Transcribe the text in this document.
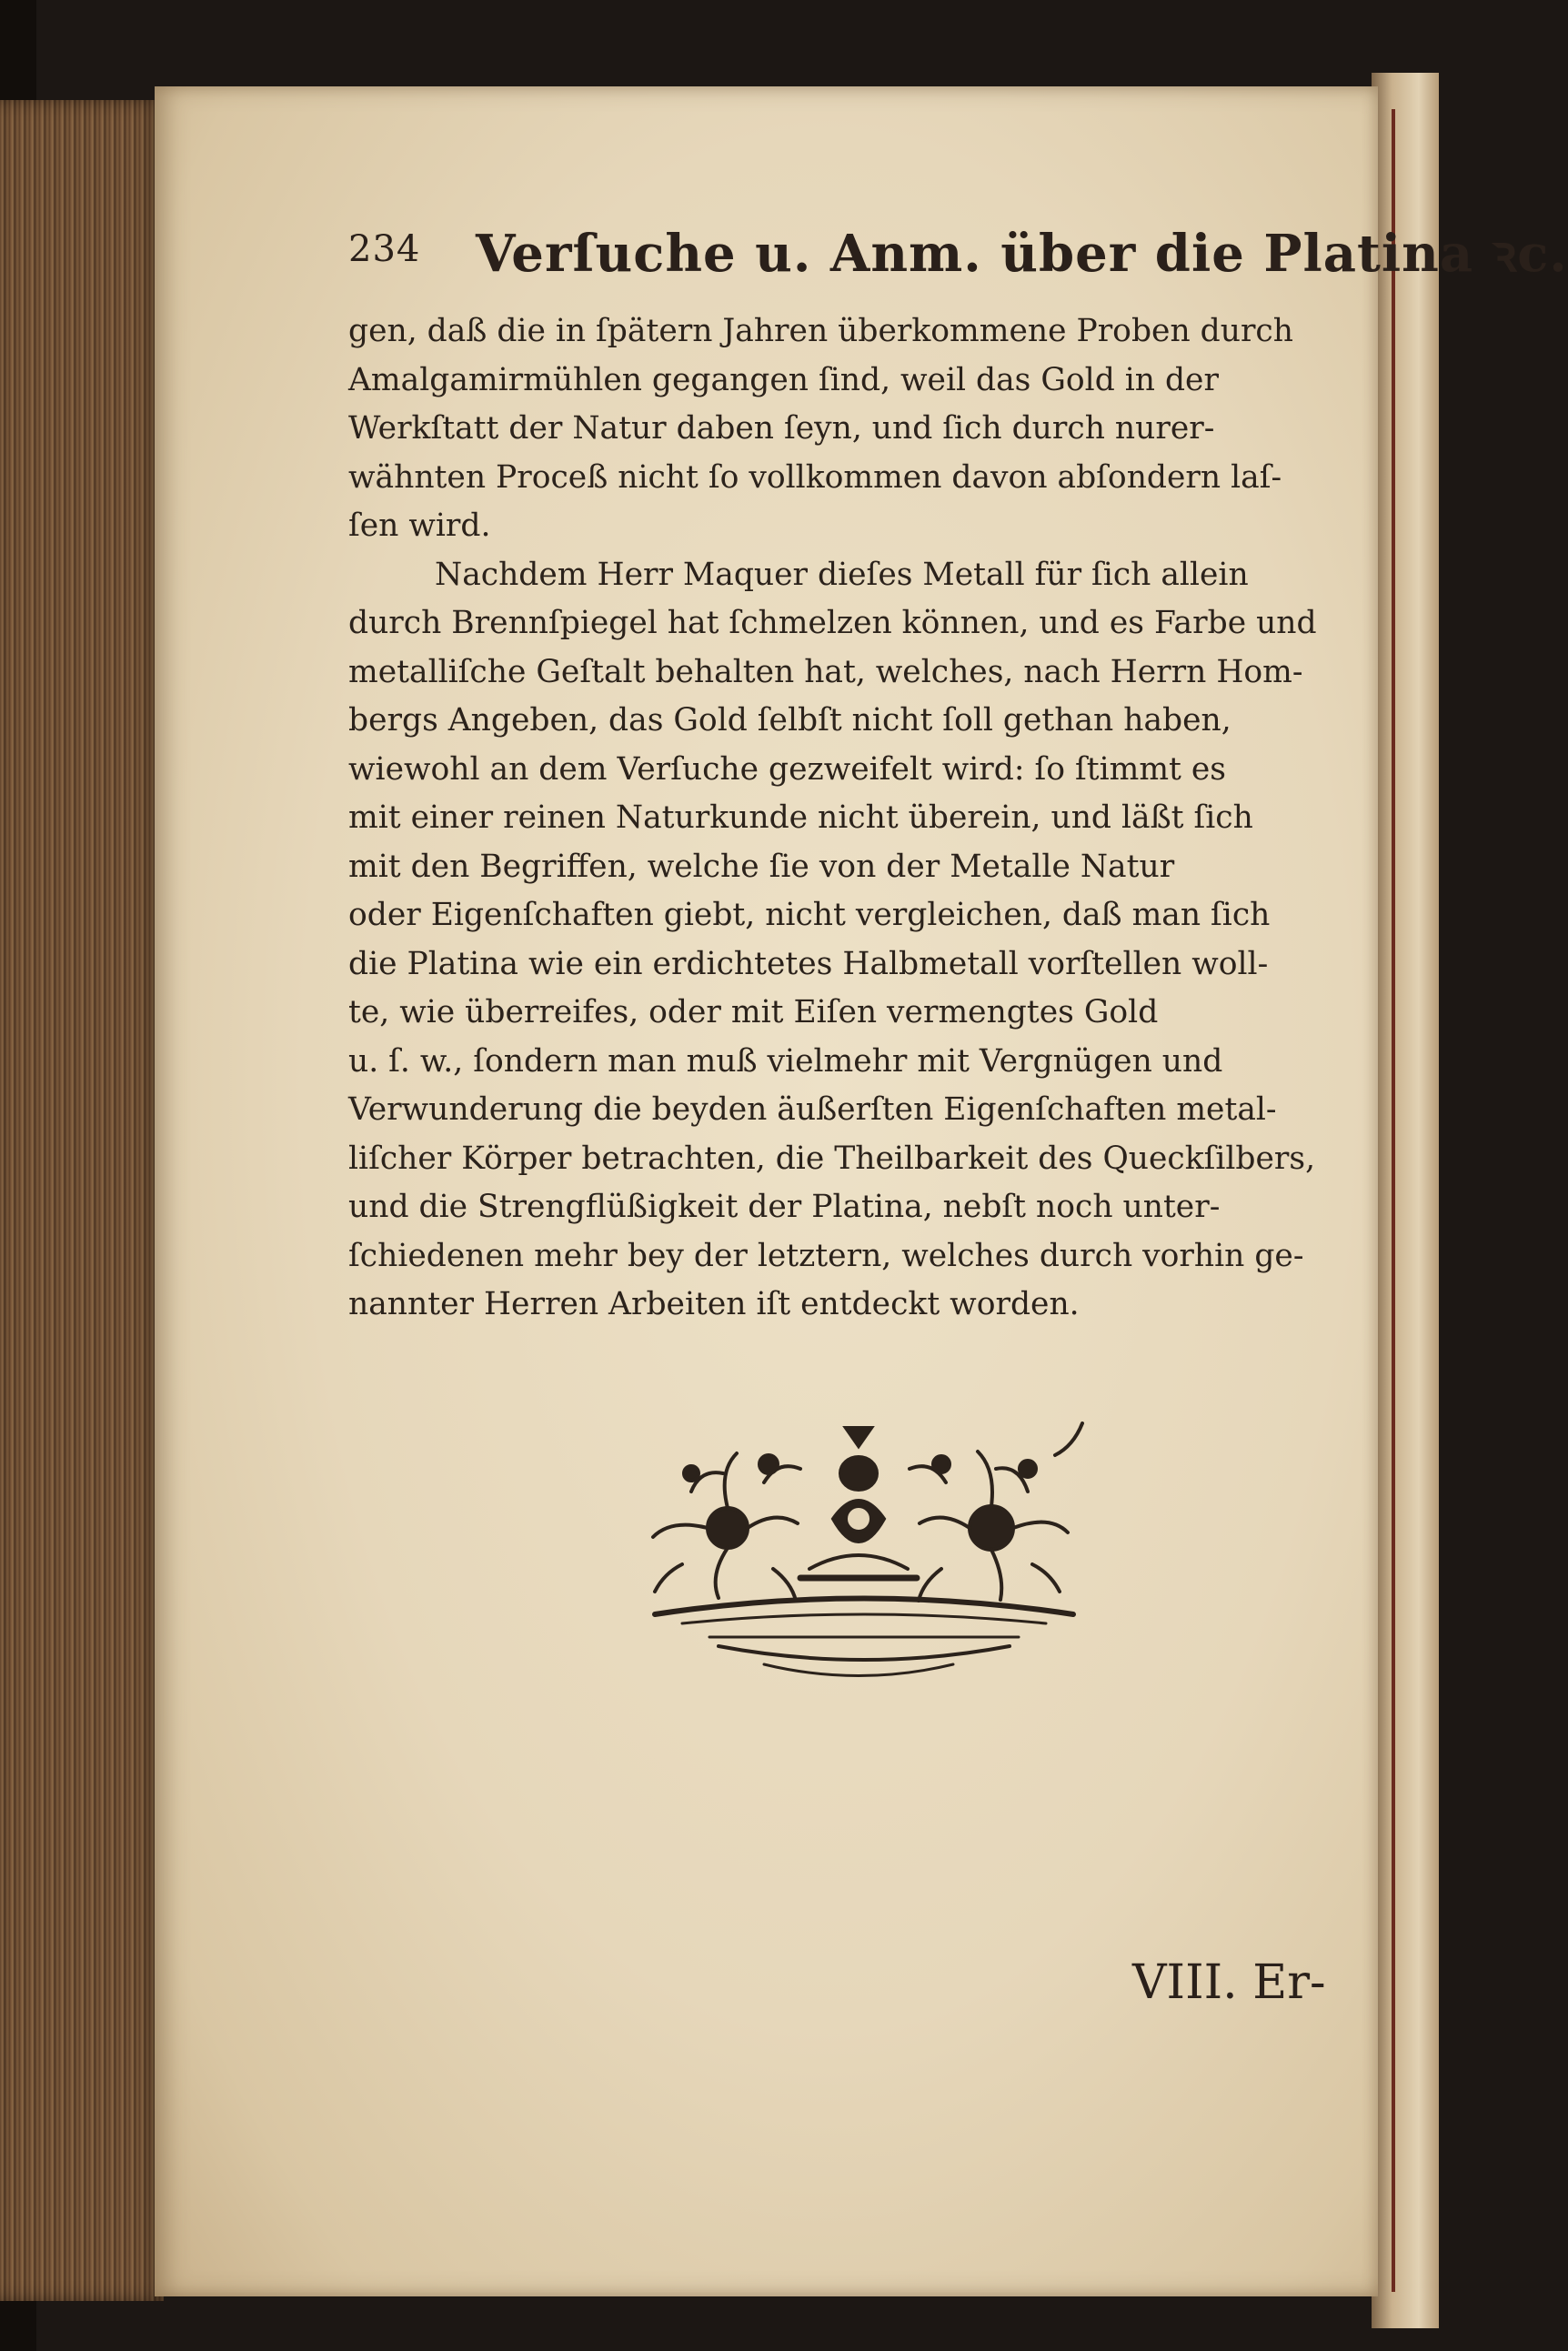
234 Verſuche u. Anm. über die Platina ꝛc.
gen, daß die in ſpätern Jahren überkommene Proben durch
Amalgamirmühlen gegangen ſind, weil das Gold in der
Werkſtatt der Natur daben ſeyn, und ſich durch nurer-
wähnten Proceß nicht ſo vollkommen davon abſondern laſ-
ſen wird.
Nachdem Herr Maquer dieſes Metall für ſich allein
durch Brennſpiegel hat ſchmelzen können, und es Farbe und
metalliſche Geſtalt behalten hat, welches, nach Herrn Hom-
bergs Angeben, das Gold ſelbſt nicht ſoll gethan haben,
wiewohl an dem Verſuche gezweifelt wird: ſo ſtimmt es
mit einer reinen Naturkunde nicht überein, und läßt ſich
mit den Begriffen, welche ſie von der Metalle Natur
oder Eigenſchaften giebt, nicht vergleichen, daß man ſich
die Platina wie ein erdichtetes Halbmetall vorſtellen woll-
te, wie überreifes, oder mit Eiſen vermengtes Gold
u. ſ. w., ſondern man muß vielmehr mit Vergnügen und
Verwunderung die beyden äußerſten Eigenſchaften metal-
liſcher Körper betrachten, die Theilbarkeit des Queckſilbers,
und die Strengflüßigkeit der Platina, nebſt noch unter-
ſchiedenen mehr bey der letztern, welches durch vorhin ge-
nannter Herren Arbeiten iſt entdeckt worden.
VIII. Er-
